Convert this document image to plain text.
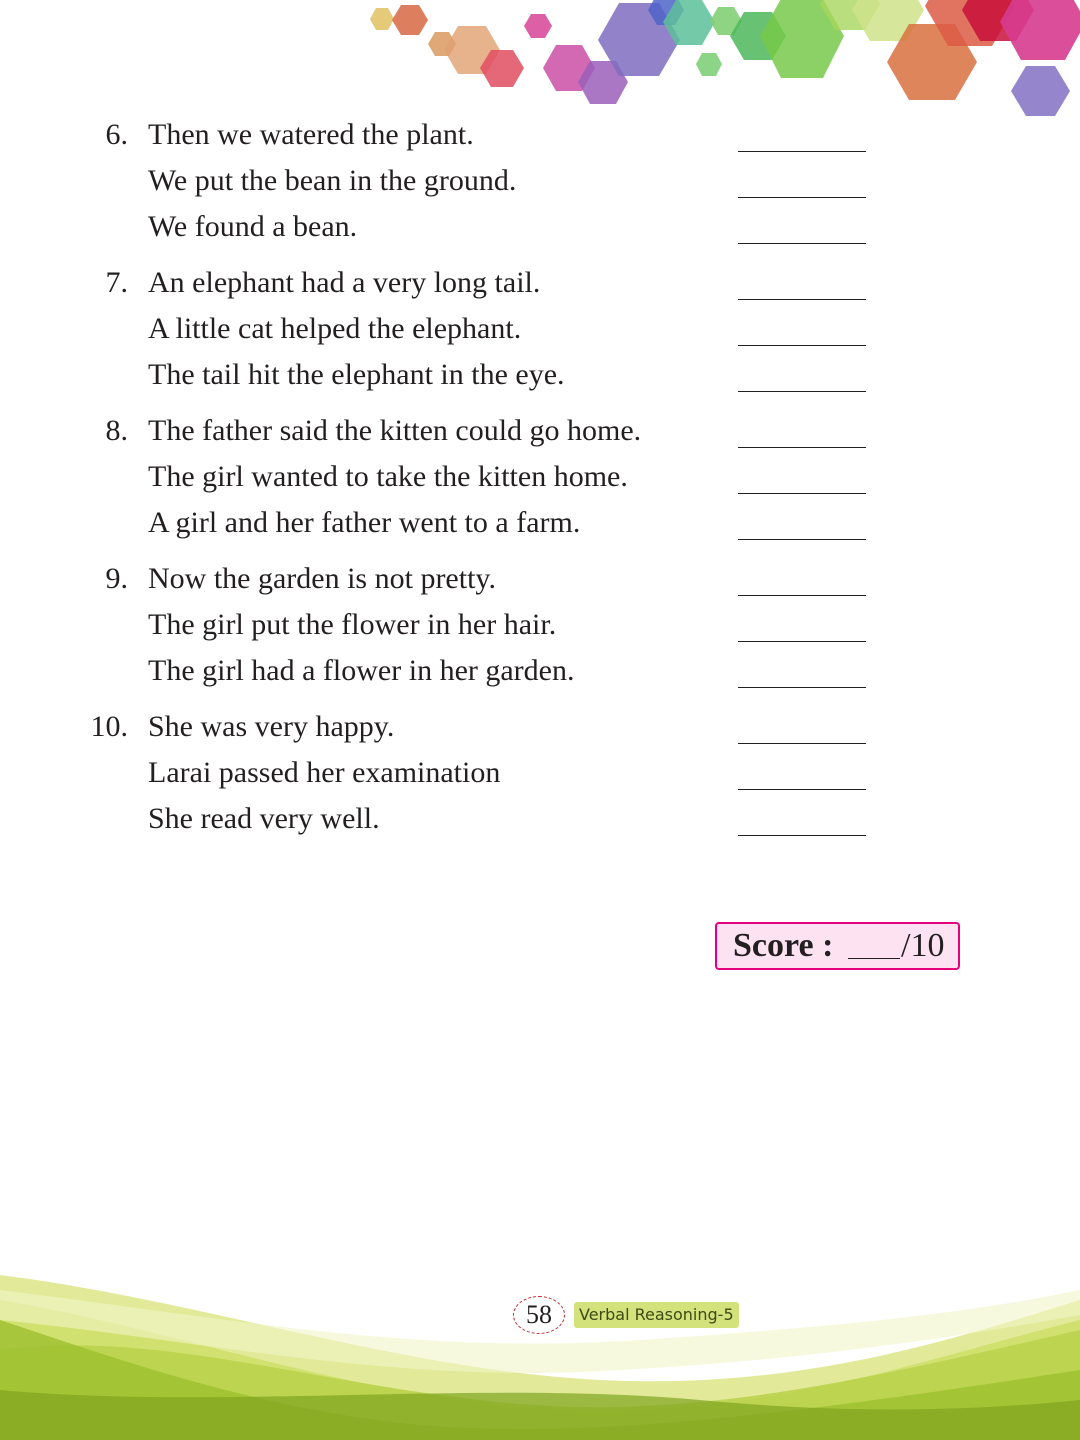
6. Then we watered the plant.
We put the bean in the ground.
We found a bean.
7. An elephant had a very long tail.
A little cat helped the elephant.
The tail hit the elephant in the eye.
8. The father said the kitten could go home.
The girl wanted to take the kitten home.
A girl and her father went to a farm.
9. Now the garden is not pretty.
The girl put the flower in her hair.
The girl had a flower in her garden.
10. She was very happy.
Larai passed her examination
She read very well.
Score : /10
58	Verbal Reasoning-5
